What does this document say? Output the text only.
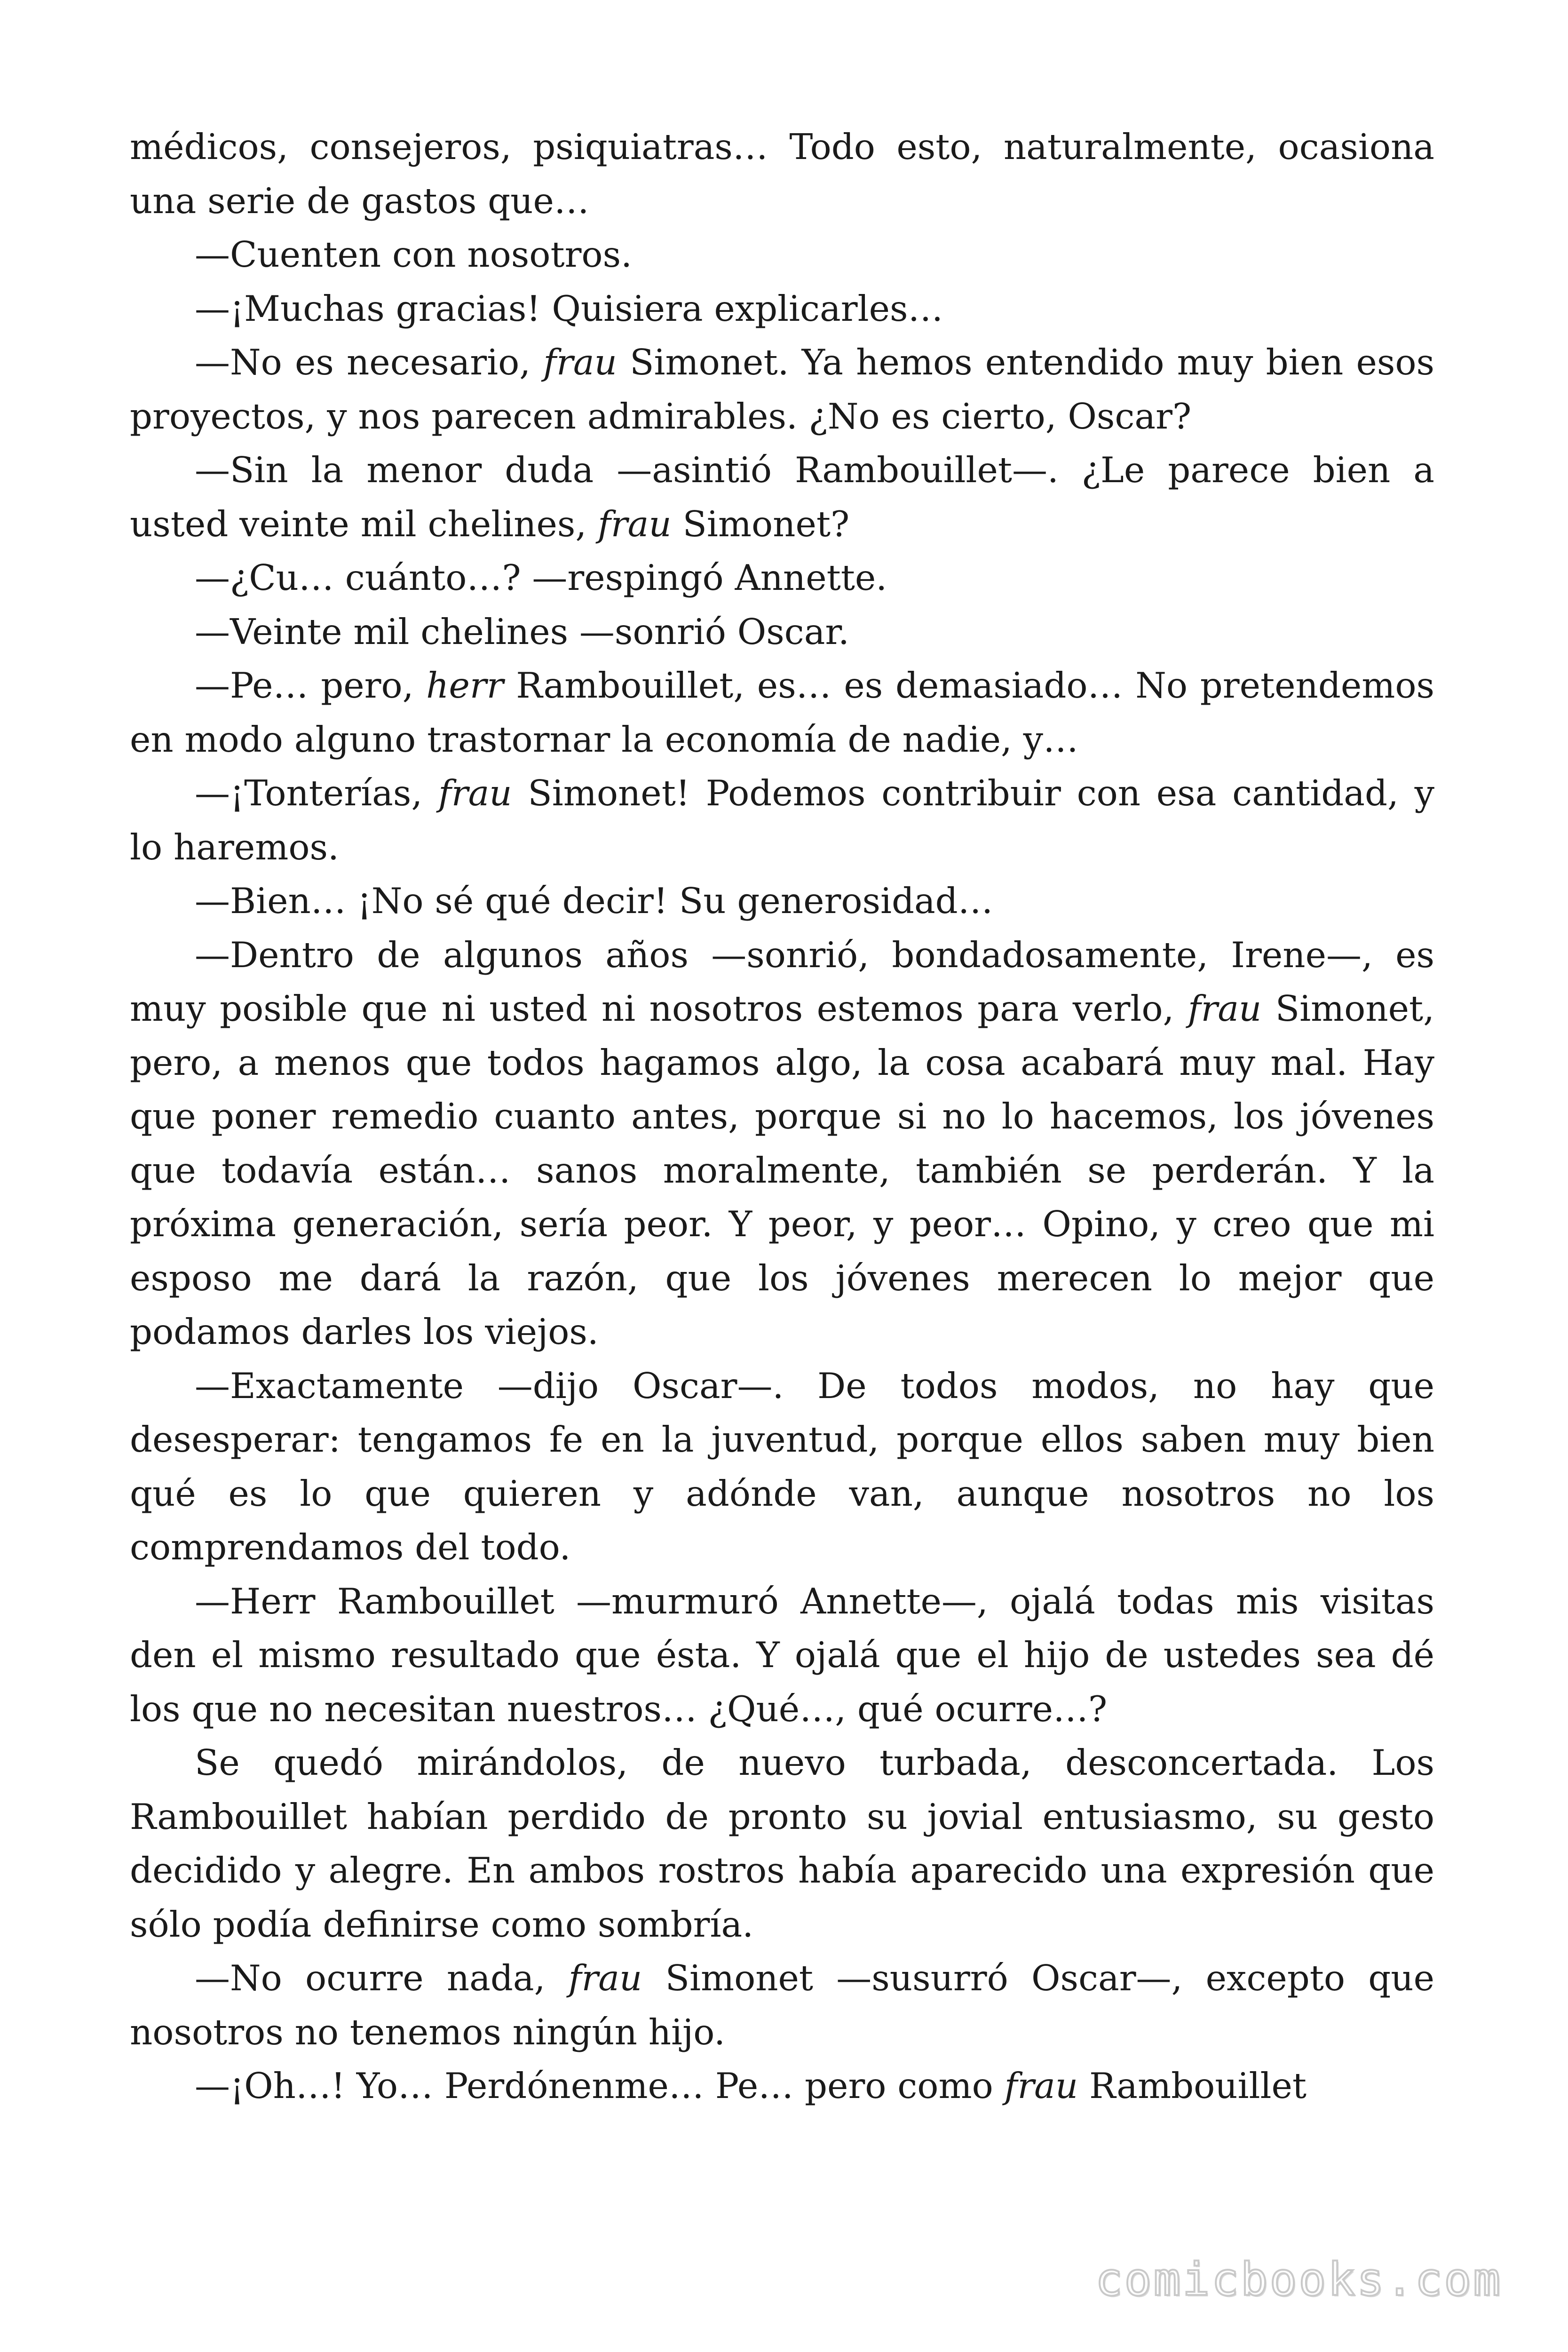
médicos, consejeros, psiquiatras… Todo esto, naturalmente, ocasiona una serie de gastos que…

—Cuenten con nosotros.

—¡Muchas gracias! Quisiera explicarles…

—No es necesario, frau Simonet. Ya hemos entendido muy bien esos proyectos, y nos parecen admirables. ¿No es cierto, Oscar?

—Sin la menor duda —asintió Rambouillet—. ¿Le parece bien a usted veinte mil chelines, frau Simonet?

—¿Cu… cuánto…? —respingó Annette.

—Veinte mil chelines —sonrió Oscar.

—Pe… pero, herr Rambouillet, es… es demasiado… No pretendemos en modo alguno trastornar la economía de nadie, y…

—¡Tonterías, frau Simonet! Podemos contribuir con esa cantidad, y lo haremos.

—Bien… ¡No sé qué decir! Su generosidad…

—Dentro de algunos años —sonrió, bondadosamente, Irene—, es muy posible que ni usted ni nosotros estemos para verlo, frau Simonet, pero, a menos que todos hagamos algo, la cosa acabará muy mal. Hay que poner remedio cuanto antes, porque si no lo hacemos, los jóvenes que todavía están… sanos moralmente, también se perderán. Y la próxima generación, sería peor. Y peor, y peor… Opino, y creo que mi esposo me dará la razón, que los jóvenes merecen lo mejor que podamos darles los viejos.

—Exactamente —dijo Oscar—. De todos modos, no hay que desesperar: tengamos fe en la juventud, porque ellos saben muy bien qué es lo que quieren y adónde van, aunque nosotros no los comprendamos del todo.

—Herr Rambouillet —murmuró Annette—, ojalá todas mis visitas den el mismo resultado que ésta. Y ojalá que el hijo de ustedes sea dé los que no necesitan nuestros… ¿Qué…, qué ocurre…?

Se quedó mirándolos, de nuevo turbada, desconcertada. Los Rambouillet habían perdido de pronto su jovial entusiasmo, su gesto decidido y alegre. En ambos rostros había aparecido una expresión que sólo podía definirse como sombría.

—No ocurre nada, frau Simonet —susurró Oscar—, excepto que nosotros no tenemos ningún hijo.

—¡Oh…! Yo… Perdónenme… Pe… pero como frau Rambouillet

comicbooks.com
